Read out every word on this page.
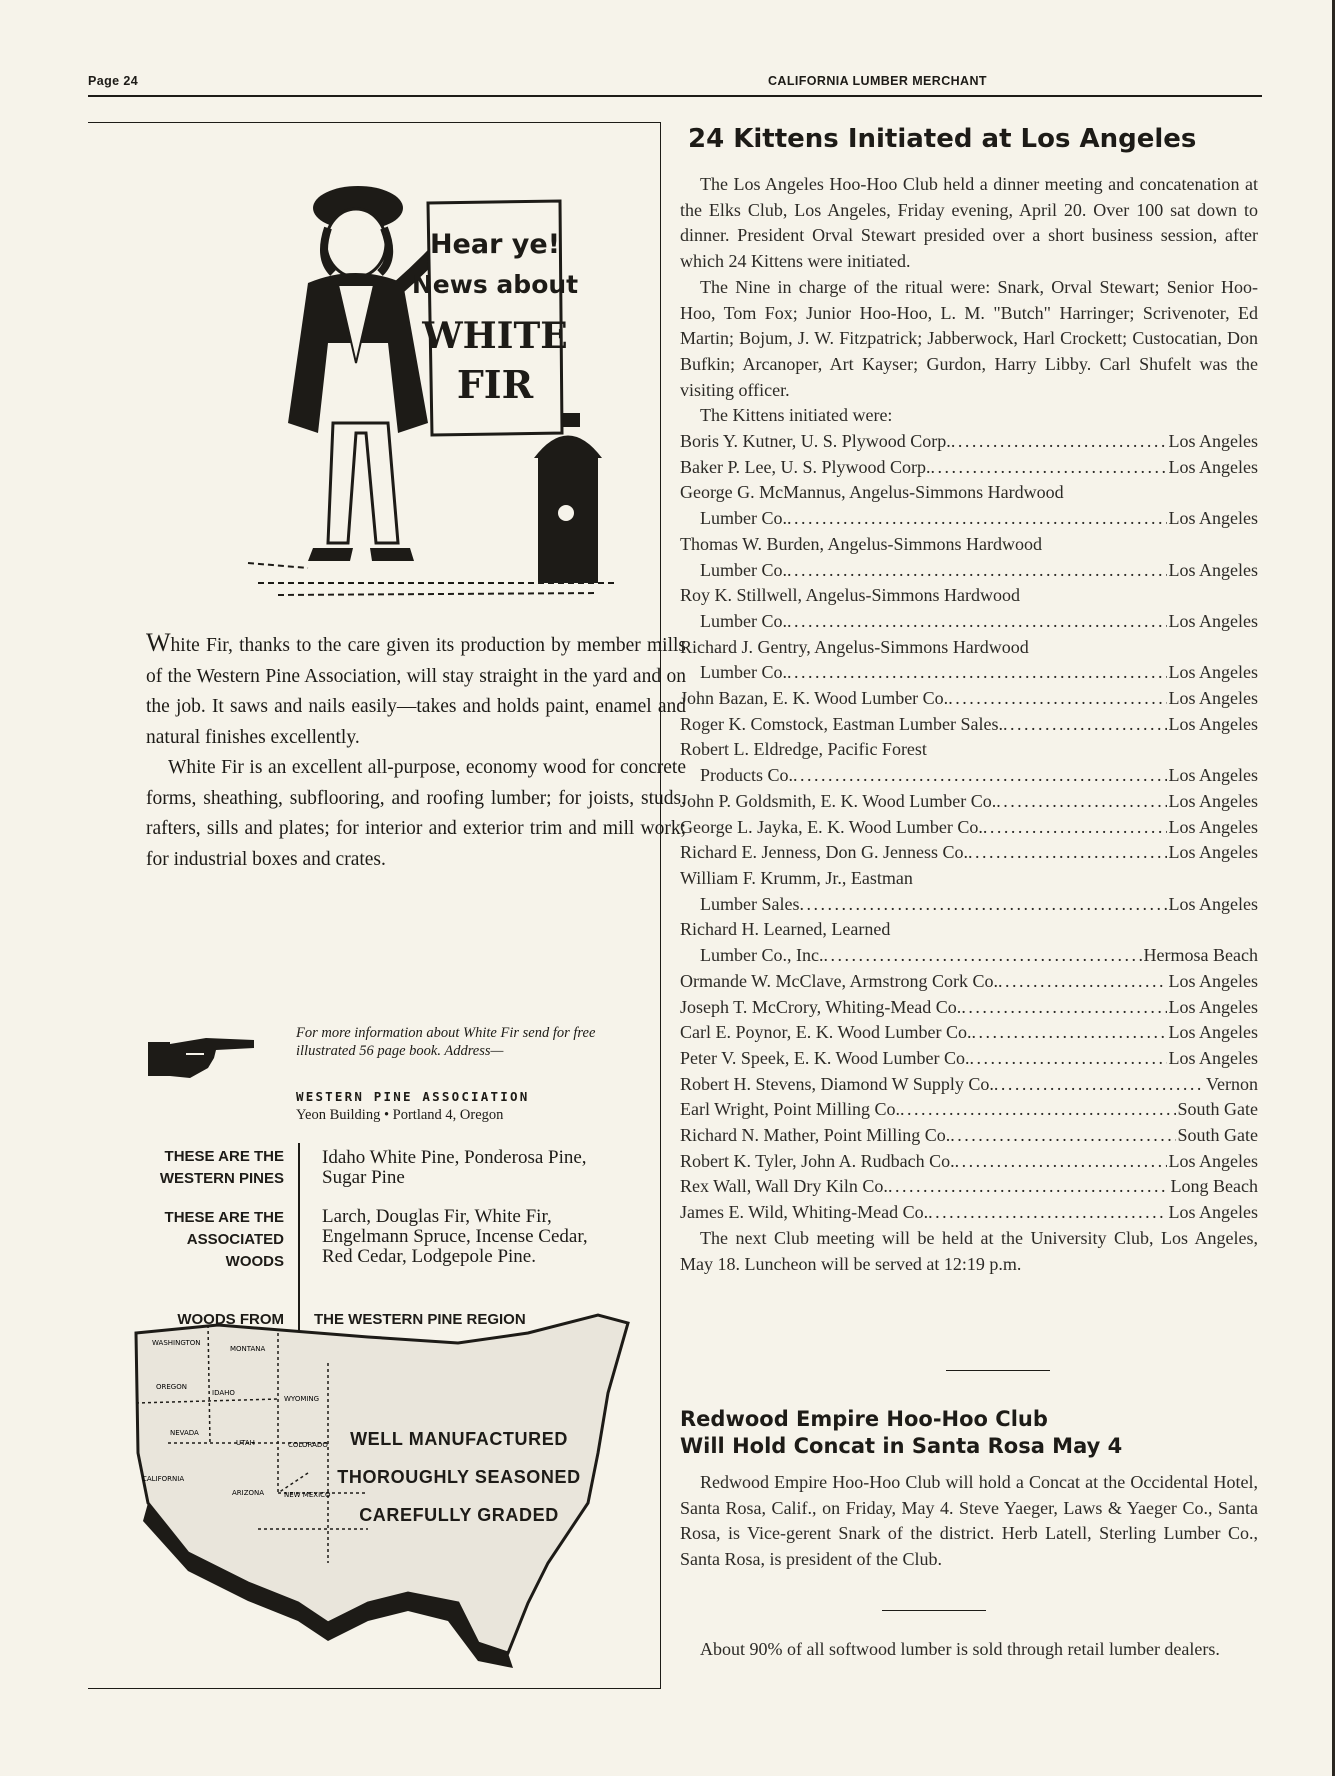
Page 24	CALIFORNIA LUMBER MERCHANT
Hear ye!
News about
WHITE
FIR

White Fir, thanks to the care given its production by member mills of the Western Pine Association, will stay straight in the yard and on the job. It saws and nails easily—takes and holds paint, enamel and natural finishes excellently.

White Fir is an excellent all-purpose, economy wood for concrete forms, sheathing, subflooring, and roofing lumber; for joists, studs, rafters, sills and plates; for interior and exterior trim and mill work; for industrial boxes and crates.

For more information about White Fir send for free illustrated 56 page book. Address—
WESTERN PINE ASSOCIATION
Yeon Building • Portland 4, Oregon
THESE ARE THE WESTERN PINES
Idaho White Pine, Ponderosa Pine, Sugar Pine
THESE ARE THE ASSOCIATED WOODS
Larch, Douglas Fir, White Fir, Engelmann Spruce, Incense Cedar, Red Cedar, Lodgepole Pine.
WOODS FROM THE WESTERN PINE REGION
WASHINGTON
MONTANA
OREGON
IDAHO
WYOMING
NEVADA
UTAH	COLORADO
CALIFORNIA
ARIZONA	NEW MEXICO
WELL MANUFACTURED
THOROUGHLY SEASONED
CAREFULLY GRADED
24 Kittens Initiated at Los Angeles

The Los Angeles Hoo-Hoo Club held a dinner meeting and concatenation at the Elks Club, Los Angeles, Friday evening, April 20. Over 100 sat down to dinner. President Orval Stewart presided over a short business session, after which 24 Kittens were initiated.

The Nine in charge of the ritual were: Snark, Orval Stewart; Senior Hoo-Hoo, Tom Fox; Junior Hoo-Hoo, L. M. "Butch" Harringer; Scrivenoter, Ed Martin; Bojum, J. W. Fitzpatrick; Jabberwock, Harl Crockett; Custocatian, Don Bufkin; Arcanoper, Art Kayser; Gurdon, Harry Libby. Carl Shufelt was the visiting officer.

The Kittens initiated were:

Boris Y. Kutner, U. S. Plywood Corp. . . .	Los Angeles
Baker P. Lee, U. S. Plywood Corp. . . .	Los Angeles
George G. McMannus, Angelus-Simmons Hardwood
Lumber Co. . . .	Los Angeles
Thomas W. Burden, Angelus-Simmons Hardwood
Lumber Co. . . .	Los Angeles
Roy K. Stillwell, Angelus-Simmons Hardwood
Lumber Co. . . .	Los Angeles
Richard J. Gentry, Angelus-Simmons Hardwood
Lumber Co. . . .	Los Angeles
John Bazan, E. K. Wood Lumber Co. . . .	Los Angeles
Roger K. Comstock, Eastman Lumber Sales. . . .	Los Angeles
Robert L. Eldredge, Pacific Forest
Products Co. . . .	Los Angeles
John P. Goldsmith, E. K. Wood Lumber Co. . . .	Los Angeles
George L. Jayka, E. K. Wood Lumber Co. . . .	Los Angeles
Richard E. Jenness, Don G. Jenness Co. . . .	Los Angeles
William F. Krumm, Jr., Eastman
Lumber Sales . . .	Los Angeles
Richard H. Learned, Learned
Lumber Co., Inc. . . .	Hermosa Beach
Ormande W. McClave, Armstrong Cork Co. . . .	Los Angeles
Joseph T. McCrory, Whiting-Mead Co. . . .	Los Angeles
Carl E. Poynor, E. K. Wood Lumber Co. . . .	Los Angeles
Peter V. Speek, E. K. Wood Lumber Co. . . .	Los Angeles
Robert H. Stevens, Diamond W Supply Co. . . .	Vernon
Earl Wright, Point Milling Co. . . .	South Gate
Richard N. Mather, Point Milling Co. . . .	South Gate
Robert K. Tyler, John A. Rudbach Co. . . .	Los Angeles
Rex Wall, Wall Dry Kiln Co. . . .	Long Beach
James E. Wild, Whiting-Mead Co. . . .	Los Angeles

The next Club meeting will be held at the University Club, Los Angeles, May 18. Luncheon will be served at 12:19 p.m.

Redwood Empire Hoo-Hoo Club
Will Hold Concat in Santa Rosa May 4

Redwood Empire Hoo-Hoo Club will hold a Concat at the Occidental Hotel, Santa Rosa, Calif., on Friday, May 4. Steve Yaeger, Laws & Yaeger Co., Santa Rosa, is Vice-gerent Snark of the district. Herb Latell, Sterling Lumber Co., Santa Rosa, is president of the Club.

About 90% of all softwood lumber is sold through retail lumber dealers.
